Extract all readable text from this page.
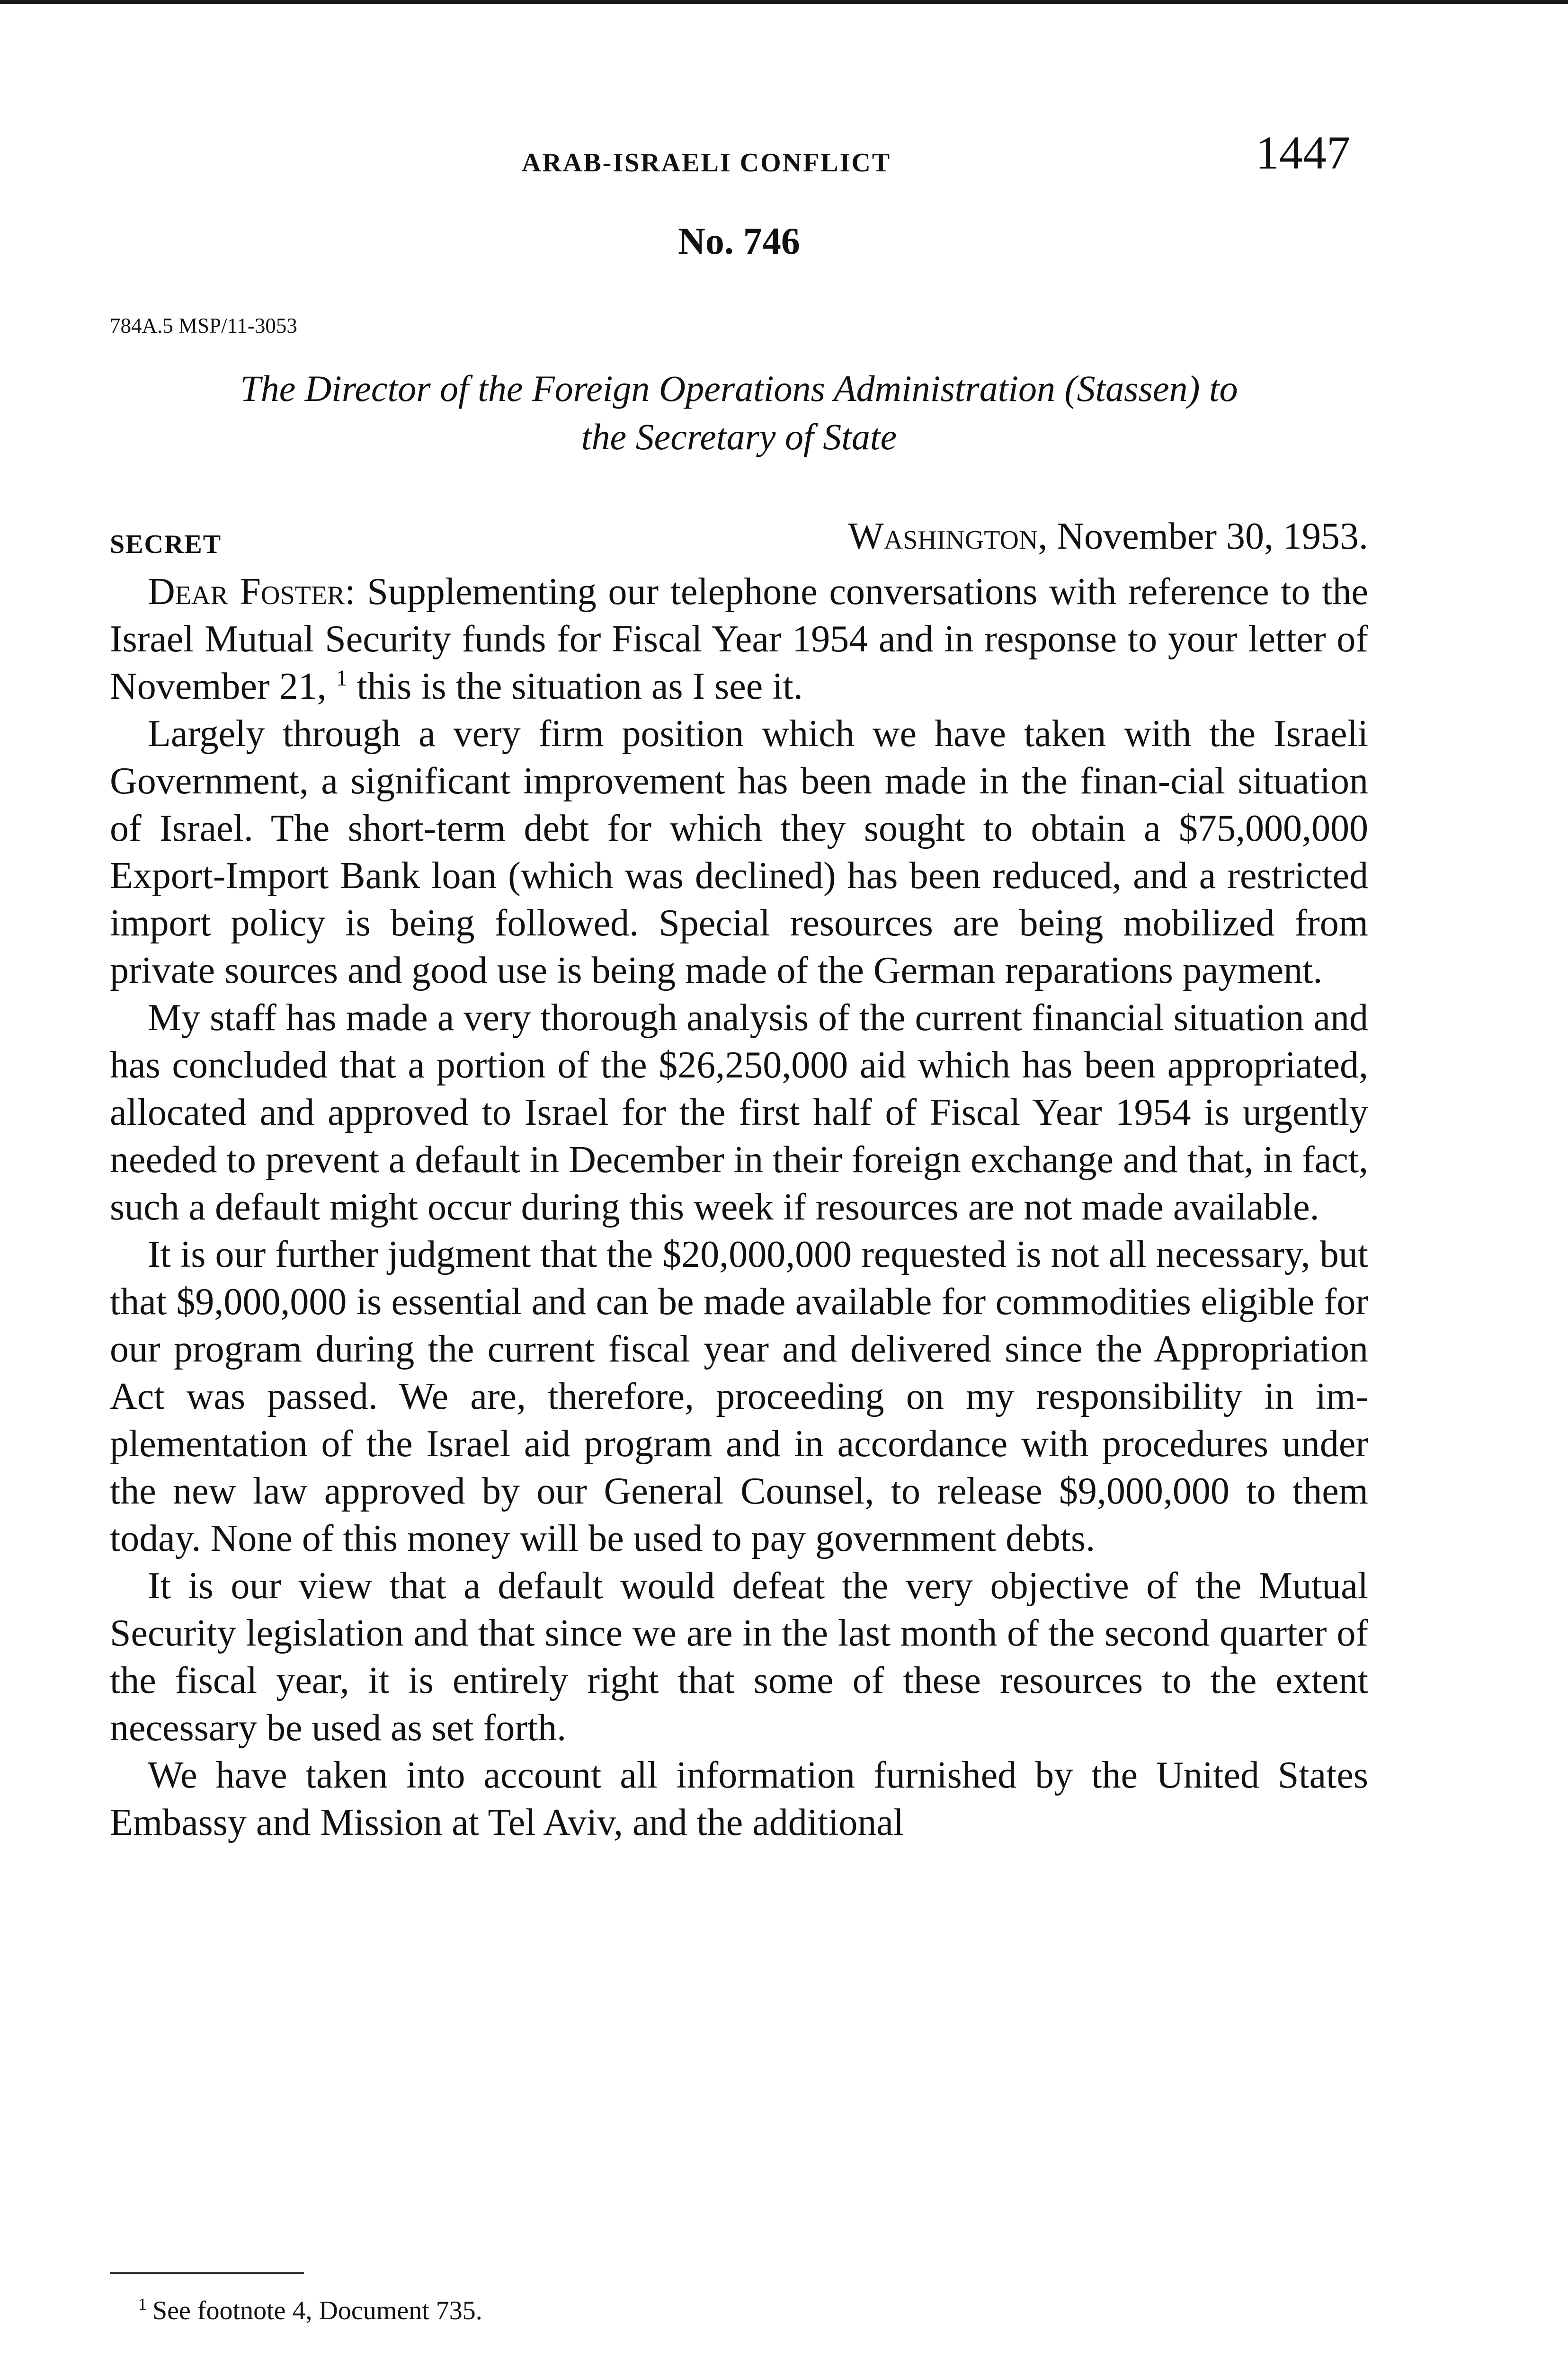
ARAB-ISRAELI CONFLICT	1447
No. 746
784A.5 MSP/11-3053
The Director of the Foreign Operations Administration (Stassen) to
the Secretary of State
SECRET	Washington, November 30, 1953.

Dear Foster: Supplementing our telephone conversations with reference to the Israel Mutual Security funds for Fiscal Year 1954 and in response to your letter of November 21, $^1$ this is the situation as I see it.

Largely through a very firm position which we have taken with the Israeli Government, a significant improvement has been made in the finan-cial situation of Israel. The short-term debt for which they sought to obtain a $75,000,000 Export-Import Bank loan (which was declined) has been reduced, and a restricted import policy is being followed. Special resources are being mobilized from private sources and good use is being made of the German reparations payment.

My staff has made a very thorough analysis of the current financial situation and has concluded that a portion of the $26,250,000 aid which has been appropriated, allocated and approved to Israel for the first half of Fiscal Year 1954 is urgently needed to prevent a default in December in their foreign exchange and that, in fact, such a default might occur during this week if resources are not made available.

It is our further judgment that the $20,000,000 requested is not all necessary, but that $9,000,000 is essential and can be made available for commodities eligible for our program during the current fiscal year and delivered since the Appropriation Act was passed. We are, therefore, proceeding on my responsibility in implementation of the Israel aid program and in accordance with procedures under the new law approved by our General Counsel, to release $9,000,000 to them today. None of this money will be used to pay government debts.

It is our view that a default would defeat the very objective of the Mutual Security legislation and that since we are in the last month of the second quarter of the fiscal year, it is entirely right that some of these resources to the extent necessary be used as set forth.

We have taken into account all information furnished by the United States Embassy and Mission at Tel Aviv, and the additional

$^1$ See footnote 4, Document 735.
